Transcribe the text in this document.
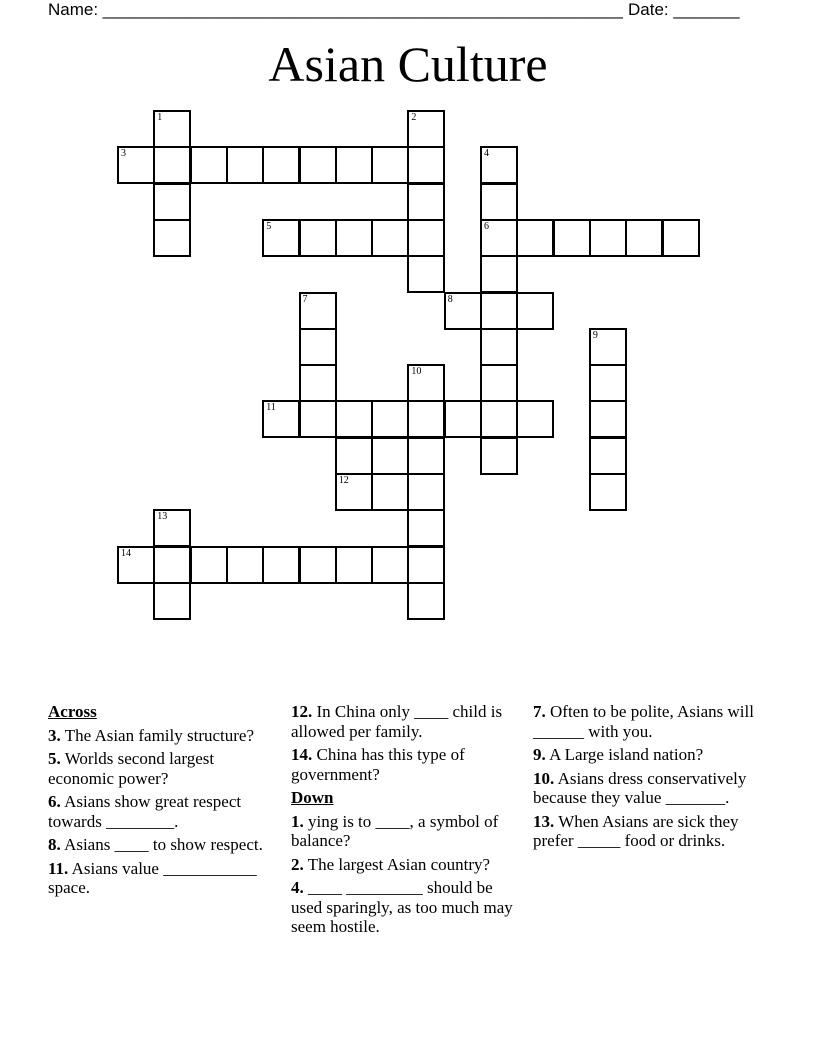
Name: _______________________________________________________ Date: _______
Asian Culture
1
3
2
5
4
6
7	8
9
11
10
12
13
14
Across
3. The Asian family structure?
5. Worlds second largest economic power?
6. Asians show great respect towards ________.
8. Asians ____ to show respect.
11. Asians value ___________ space.
12. In China only ____ child is allowed per family.
14. China has this type of government?
Down
1. ying is to ____, a symbol of balance?
2. The largest Asian country?
4. ____ _________ should be used sparingly, as too much may seem hostile.
7. Often to be polite, Asians will ______ with you.
9. A Large island nation?
10. Asians dress conservatively because they value _______.
13. When Asians are sick they prefer _____ food or drinks.
